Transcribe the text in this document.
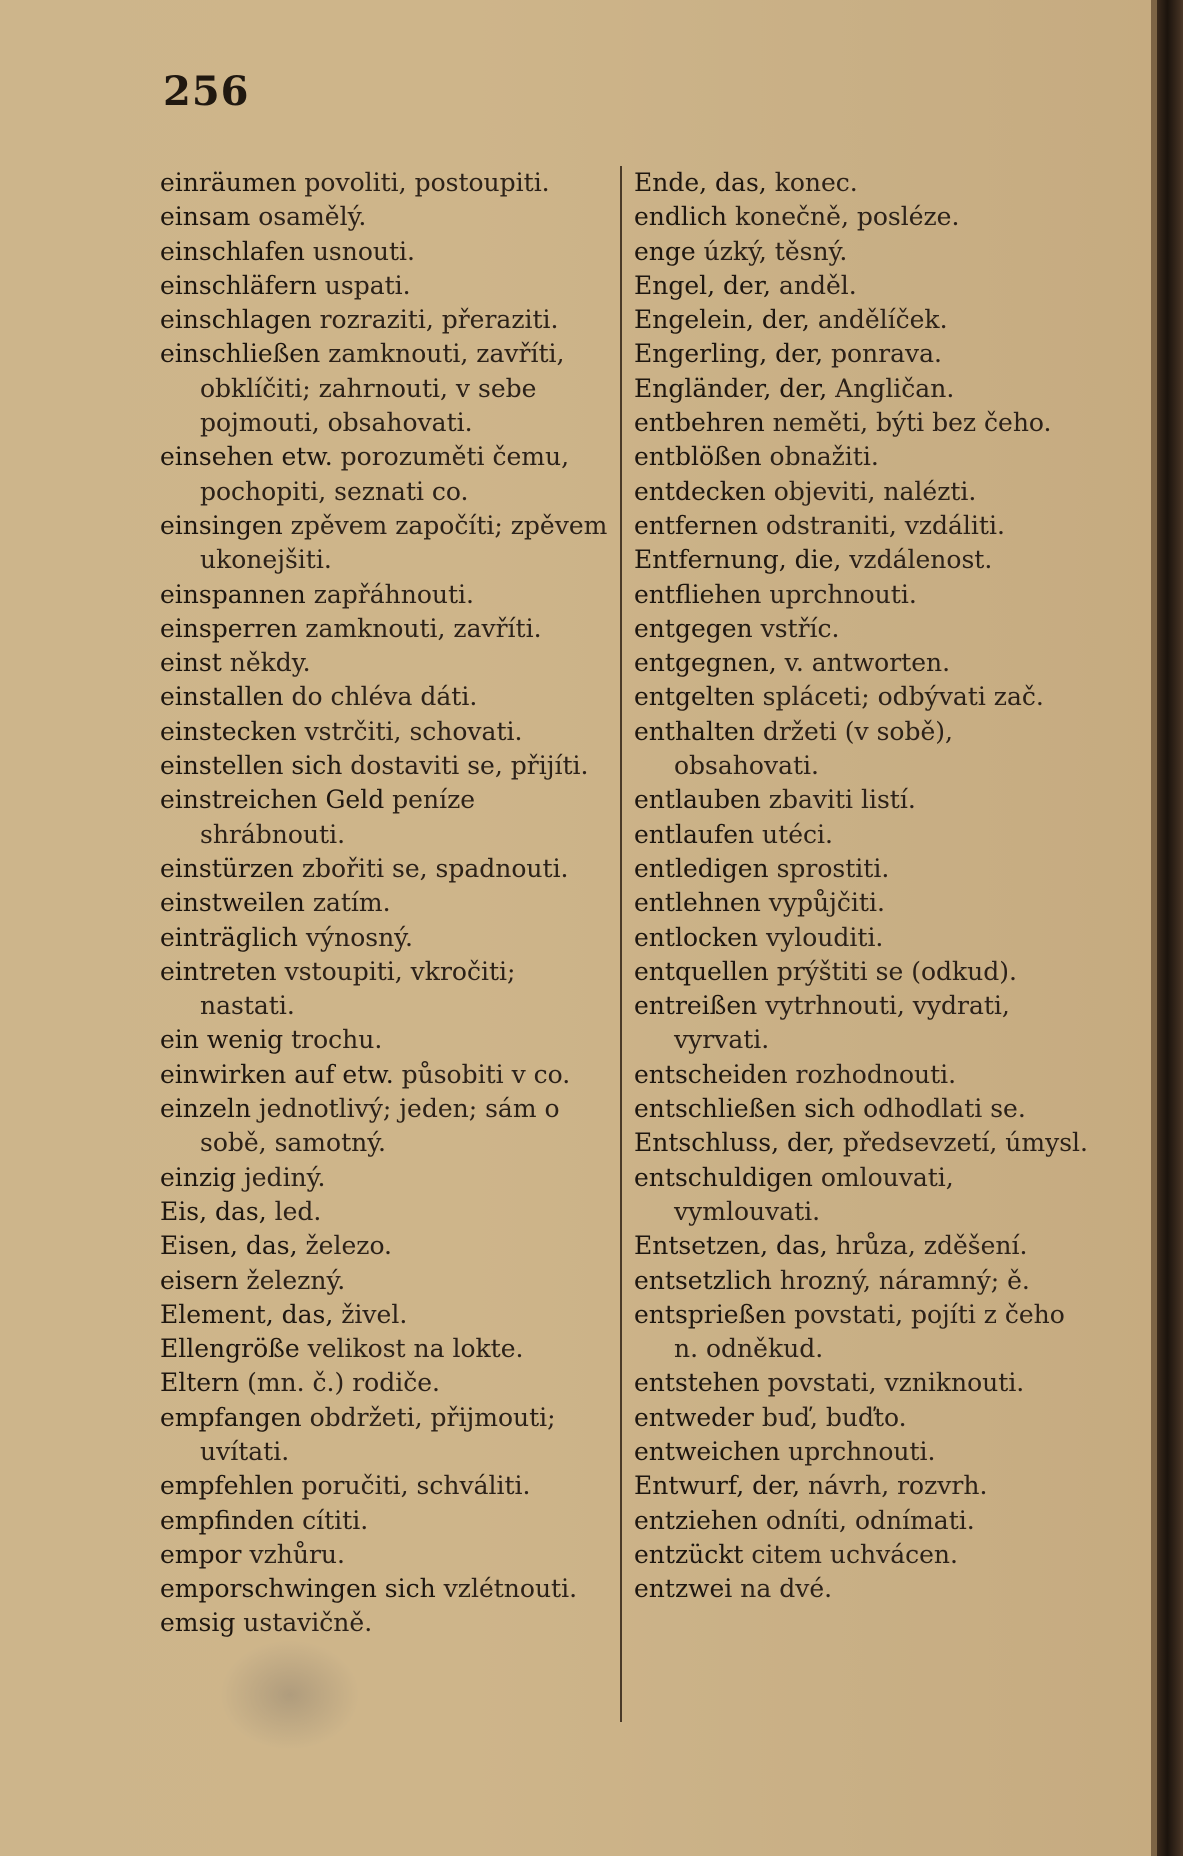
256

einräumen povoliti, postoupiti.

einsam osamělý.

einschlafen usnouti.

einschläfern uspati.

einschlagen rozraziti, přeraziti.

einschließen zamknouti, zavříti, obklíčiti; zahrnouti, v sebe pojmouti, obsahovati.

einsehen etw. porozuměti čemu, pochopiti, seznati co.

einsingen zpěvem započíti; zpěvem ukonejšiti.

einspannen zapřáhnouti.

einsperren zamknouti, zavříti.

einst někdy.

einstallen do chléva dáti.

einstecken vstrčiti, schovati.

einstellen sich dostaviti se, přijíti.

einstreichen Geld peníze shrábnouti.

einstürzen zbořiti se, spadnouti.

einstweilen zatím.

einträglich výnosný.

eintreten vstoupiti, vkročiti; nastati.

ein wenig trochu.

einwirken auf etw. působiti v co.

einzeln jednotlivý; jeden; sám o sobě, samotný.

einzig jediný.

Eis, das, led.

Eisen, das, železo.

eisern železný.

Element, das, živel.

Ellengröße velikost na lokte.

Eltern (mn. č.) rodiče.

empfangen obdržeti, přijmouti; uvítati.

empfehlen poručiti, schváliti.

empfinden cítiti.

empor vzhůru.

emporschwingen sich vzlétnouti.

emsig ustavičně.

Ende, das, konec.

endlich konečně, posléze.

enge úzký, těsný.

Engel, der, anděl.

Engelein, der, andělíček.

Engerling, der, ponrava.

Engländer, der, Angličan.

entbehren neměti, býti bez čeho.

entblößen obnažiti.

entdecken objeviti, nalézti.

entfernen odstraniti, vzdáliti.

Entfernung, die, vzdálenost.

entfliehen uprchnouti.

entgegen vstříc.

entgegnen, v. antworten.

entgelten spláceti; odbývati zač.

enthalten držeti (v sobě), obsahovati.

entlauben zbaviti listí.

entlaufen utéci.

entledigen sprostiti.

entlehnen vypůjčiti.

entlocken vylouditi.

entquellen prýštiti se (odkud).

entreißen vytrhnouti, vydrati, vyrvati.

entscheiden rozhodnouti.

entschließen sich odhodlati se.

Entschluss, der, předsevzetí, úmysl.

entschuldigen omlouvati, vymlouvati.

Entsetzen, das, hrůza, zděšení.

entsetzlich hrozný, náramný; ě.

entsprießen povstati, pojíti z čeho n. odněkud.

entstehen povstati, vzniknouti.

entweder buď, buďto.

entweichen uprchnouti.

Entwurf, der, návrh, rozvrh.

entziehen odníti, odnímati.

entzückt citem uchvácen.

entzwei na dvé.
